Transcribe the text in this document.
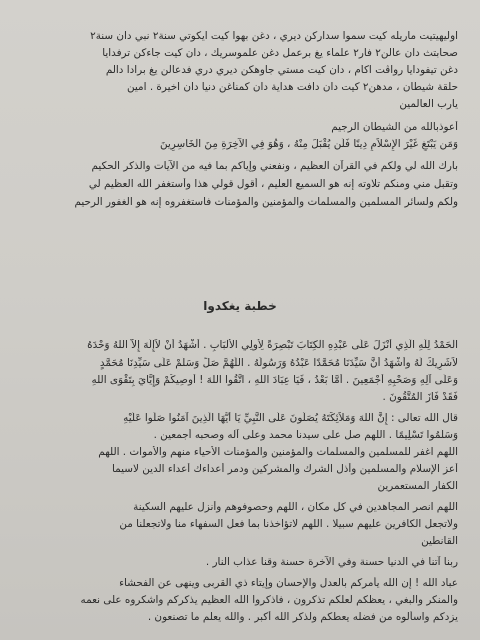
اوليهيتيت ماريله كيت سموا سداركن ديري ، دغن بهوا كيت ايكوتي سنة٢ نبي دان سنة٢
صحابتث دان عالن٢ فار٢ علماء يغ برعمل دغن علموسريك ، دان كيت جاءكن ترفدايا
دغن تيفودايا رواڤت اكام ، دان كيت مستي جاوهكن ديري دري فدعالن يغ برادا دالم
حلقة شيطان ، مدهن٢ كيت دان دافت هداية دان كمناغن دنيا دان اخيرة . امين
يارب العالمين
أعوذبالله من الشيطان الرجيم
وَمَن يَبْتَغِ غَيْرَ الإِسْلاَمِ دِينًا فَلَن يُقْبَلَ مِنْهُ ، وَهُوَ فِي الآخِرَةِ مِنَ الْخَاسِرِينَ
بارك الله لي ولكم في القرآن العظيم ، ونفعني وإياكم بما فيه من الآيات والذكر الحكيم
وتقبل مني ومنكم تلاوته إنه هو السميع العليم ، أقول قولي هذا وأستغفر الله العظيم لي
ولكم ولسائر المسلمين والمسلمات والمؤمنين والمؤمنات فاستغفروه إنه هو الغفور الرحيم
خطبة يغكدوا
الْحَمْدُ لِلّهِ الَّذِي أَنْزَلَ عَلَى عَبْدِهِ الْكِتَابَ تَبْصِرَةً لِأُولِي الأَلْبَابِ . أَشْهَدُ أَنْ لاَإِلَهَ إِلاَّ اللهُ وَحْدَهُ
لاَشَرِيكَ لَهُ وأَشْهَدُ أَنَّ سَيِّدَنَا مُحَمَّدًا عَبْدُهُ وَرَسُولُهُ . اللَّهُمَّ صَلِّ وَسَلِّمْ عَلَى سَيِّدِنَا مُحَمَّدٍ
وَعَلَى آلِهِ وَصَحْبِهِ أَجْمَعِينَ . أَمَّا بَعْدُ ، فَيَا عِبَادَ اللهِ ، اتَّقُوا اللهَ ! أُوصِيكُمْ وَإِيَّايَ بِتَقْوَى اللهِ
فَقَدْ فَازَ الْمُتَّقُونَ .
قال الله تعالى : إِنَّ اللهَ وَمَلاَئِكَتَهُ يُصَلُّونَ عَلَى النَّبِيِّ يَا أَيُّهَا الَّذِينَ آمَنُوا صَلُّوا عَلَيْهِ
وَسَلِّمُوا تَسْلِيمًا . اللهم صل على سيدنا محمد وعلى آله وصحبه أجمعين .
اللهم اغفر للمسلمين والمسلمات والمؤمنين والمؤمنات الأحياء منهم والأموات . اللهم
أعز الإسلام والمسلمين وأذل الشرك والمشركين ودمر أعداءك أعداء الدين لاسيما
الكفار المستعمرين
اللهم انصر المجاهدين في كل مكان ، اللهم وحصوفوهم وأنزل عليهم السكينة
ولاتجعل الكافرين عليهم سبيلا . اللهم لاتؤاخذنا بما فعل السفهاء منا ولاتجعلنا من
القانطين
ربنا آتنا في الدنيا حسنة وفي الآخرة حسنة وقنا عذاب النار .
عباد الله ! إن الله يأمركم بالعدل والإحسان وإيتاء ذي القربى وينهى عن الفحشاء
والمنكر والبغي ، يعظكم لعلكم تذكرون ، فاذكروا الله العظيم يذكركم واشكروه على نعمه
يزدكم واسألوه من فضله يعطكم ولذكر الله أكبر . والله يعلم ما تصنعون .
